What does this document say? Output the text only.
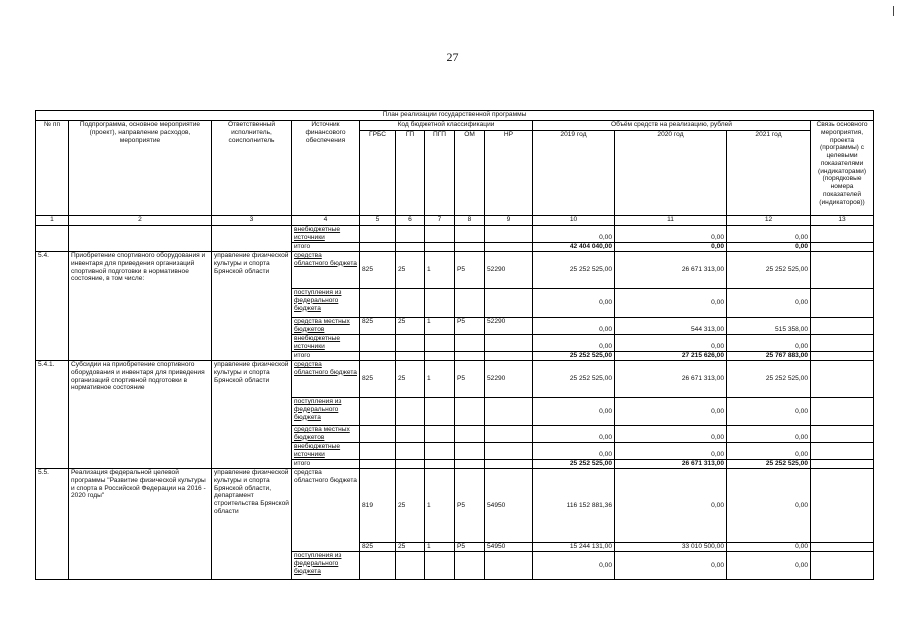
27
План реализации государственной программы												
№ пп	Подпрограмма, основное мероприятие (проект), направление расходов, мероприятие	Ответственный исполнитель, соисполнитель	Источник финансового обеспечения	Код бюджетной классификации					Объём средств на реализацию, рублей			Связь основного мероприятия, проекта (программы) с целевыми показателями (индикаторами) (порядковые номера показателей (индикаторов))
				ГРБС	ГП	ПГП	ОМ	НР	2019 год	2020 год	2021 год	
1	2	3	4	5	6	7	8	9	10	11	12	13
			внебюджетные источники						0,00	0,00	0,00	
			итого						42 404 040,00	0,00	0,00	
5.4.	Приобретение спортивного оборудования и инвентаря для приведения организаций спортивной подготовки в нормативное состояние, в том числе:	управление физической культуры и спорта Брянской области	средства областного бюджета	825	25	1	Р5	52290	25 252 525,00	26 671 313,00	25 252 525,00	
			поступления из федерального бюджета						0,00	0,00	0,00	
			средства местных бюджетов	825	25	1	Р5	52290	0,00	544 313,00	515 358,00	
			внебюджетные источники						0,00	0,00	0,00	
			итого						25 252 525,00	27 215 626,00	25 767 883,00	
5.4.1.	Субсидии на приобретение спортивного оборудования и инвентаря для приведения организаций спортивной подготовки в нормативное состояние	управление физической культуры и спорта Брянской области	средства областного бюджета	825	25	1	Р5	52290	25 252 525,00	26 671 313,00	25 252 525,00	
			поступления из федерального бюджета						0,00	0,00	0,00	
			средства местных бюджетов						0,00	0,00	0,00	
			внебюджетные источники						0,00	0,00	0,00	
			итого						25 252 525,00	26 671 313,00	25 252 525,00	
5.5.	Реализация федеральной целевой программы "Развитие физической культуры и спорта в Российской Федерации на 2016 - 2020 годы"	управление физической культуры и спорта Брянской области, департамент строительства Брянской области	средства областного бюджета	819	25	1	Р5	54950	116 152 881,36	0,00	0,00	
				825	25	1	Р5	54950	15 244 131,00	33 010 500,00	0,00	
			поступления из федерального бюджета						0,00	0,00	0,00	
